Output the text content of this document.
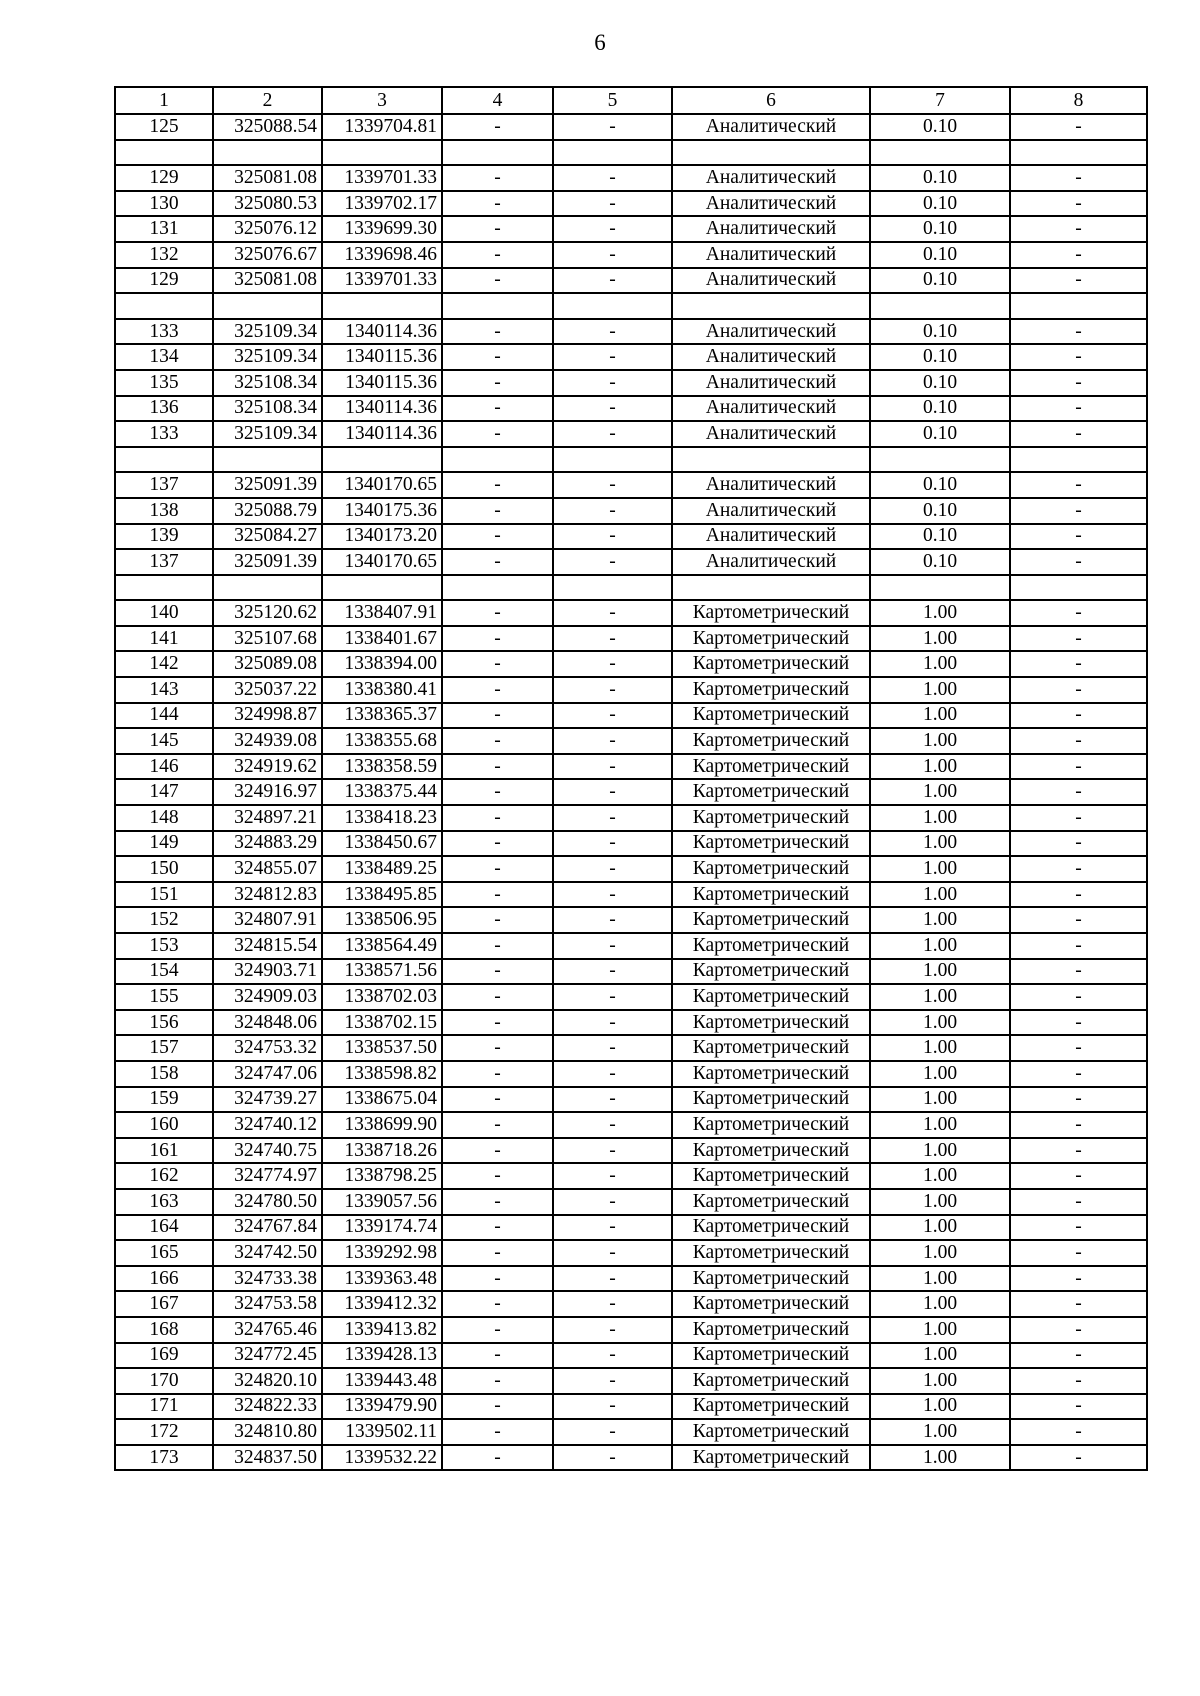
6
1	2	3	4	5	6	7	8
125	325088.54	1339704.81	-	-	Аналитический	0.10	-

129	325081.08	1339701.33	-	-	Аналитический	0.10	-
130	325080.53	1339702.17	-	-	Аналитический	0.10	-
131	325076.12	1339699.30	-	-	Аналитический	0.10	-
132	325076.67	1339698.46	-	-	Аналитический	0.10	-
129	325081.08	1339701.33	-	-	Аналитический	0.10	-

133	325109.34	1340114.36	-	-	Аналитический	0.10	-
134	325109.34	1340115.36	-	-	Аналитический	0.10	-
135	325108.34	1340115.36	-	-	Аналитический	0.10	-
136	325108.34	1340114.36	-	-	Аналитический	0.10	-
133	325109.34	1340114.36	-	-	Аналитический	0.10	-

137	325091.39	1340170.65	-	-	Аналитический	0.10	-
138	325088.79	1340175.36	-	-	Аналитический	0.10	-
139	325084.27	1340173.20	-	-	Аналитический	0.10	-
137	325091.39	1340170.65	-	-	Аналитический	0.10	-

140	325120.62	1338407.91	-	-	Картометрический	1.00	-
141	325107.68	1338401.67	-	-	Картометрический	1.00	-
142	325089.08	1338394.00	-	-	Картометрический	1.00	-
143	325037.22	1338380.41	-	-	Картометрический	1.00	-
144	324998.87	1338365.37	-	-	Картометрический	1.00	-
145	324939.08	1338355.68	-	-	Картометрический	1.00	-
146	324919.62	1338358.59	-	-	Картометрический	1.00	-
147	324916.97	1338375.44	-	-	Картометрический	1.00	-
148	324897.21	1338418.23	-	-	Картометрический	1.00	-
149	324883.29	1338450.67	-	-	Картометрический	1.00	-
150	324855.07	1338489.25	-	-	Картометрический	1.00	-
151	324812.83	1338495.85	-	-	Картометрический	1.00	-
152	324807.91	1338506.95	-	-	Картометрический	1.00	-
153	324815.54	1338564.49	-	-	Картометрический	1.00	-
154	324903.71	1338571.56	-	-	Картометрический	1.00	-
155	324909.03	1338702.03	-	-	Картометрический	1.00	-
156	324848.06	1338702.15	-	-	Картометрический	1.00	-
157	324753.32	1338537.50	-	-	Картометрический	1.00	-
158	324747.06	1338598.82	-	-	Картометрический	1.00	-
159	324739.27	1338675.04	-	-	Картометрический	1.00	-
160	324740.12	1338699.90	-	-	Картометрический	1.00	-
161	324740.75	1338718.26	-	-	Картометрический	1.00	-
162	324774.97	1338798.25	-	-	Картометрический	1.00	-
163	324780.50	1339057.56	-	-	Картометрический	1.00	-
164	324767.84	1339174.74	-	-	Картометрический	1.00	-
165	324742.50	1339292.98	-	-	Картометрический	1.00	-
166	324733.38	1339363.48	-	-	Картометрический	1.00	-
167	324753.58	1339412.32	-	-	Картометрический	1.00	-
168	324765.46	1339413.82	-	-	Картометрический	1.00	-
169	324772.45	1339428.13	-	-	Картометрический	1.00	-
170	324820.10	1339443.48	-	-	Картометрический	1.00	-
171	324822.33	1339479.90	-	-	Картометрический	1.00	-
172	324810.80	1339502.11	-	-	Картометрический	1.00	-
173	324837.50	1339532.22	-	-	Картометрический	1.00	-
